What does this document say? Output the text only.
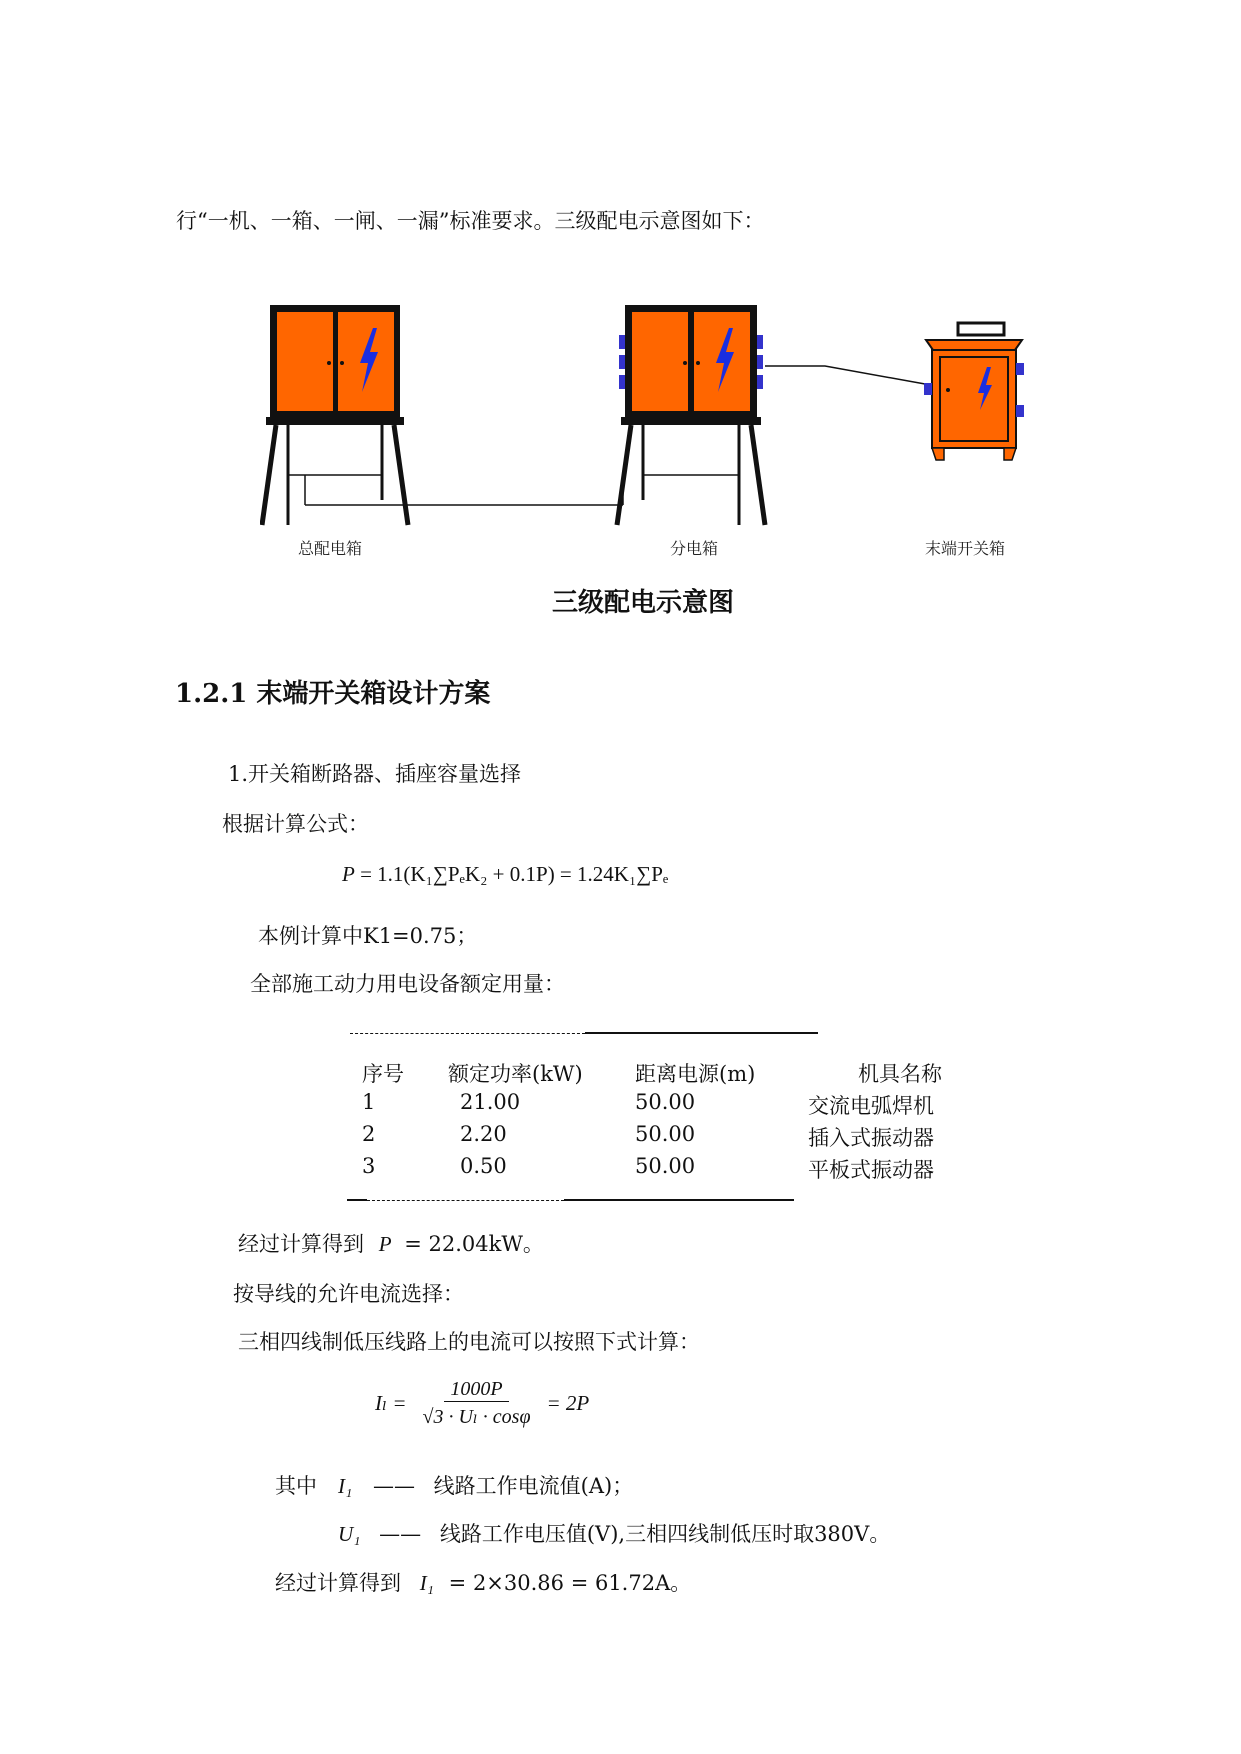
行“一机、一箱、一闸、一漏”标准要求。三级配电示意图如下：
总配电箱	分电箱	末端开关箱
三级配电示意图
1.2.1 末端开关箱设计方案
1.开关箱断路器、插座容量选择
根据计算公式：
P = 1.1(K₁∑PₑK₂ + 0.1P) = 1.24K₁∑Pₑ
本例计算中K1=0.75；
全部施工动力用电设备额定用量：
序号 额定功率(kW) 距离电源(m)	机具名称
1	21.00	50.00	交流电弧焊机
2	2.20	50.00	插入式振动器
3	0.50	50.00	平板式振动器
经过计算得到 P = 22.04kW。
按导线的允许电流选择：
三相四线制低压线路上的电流可以按照下式计算：
$I_l = \frac{1000P}{\text{√3 · Uₗ · cosφ}} = 2P$
其中 I₁ —— 线路工作电流值(A)；
U₁ —— 线路工作电压值(V),三相四线制低压时取380V。
经过计算得到 I₁ = 2×30.86 = 61.72A。
